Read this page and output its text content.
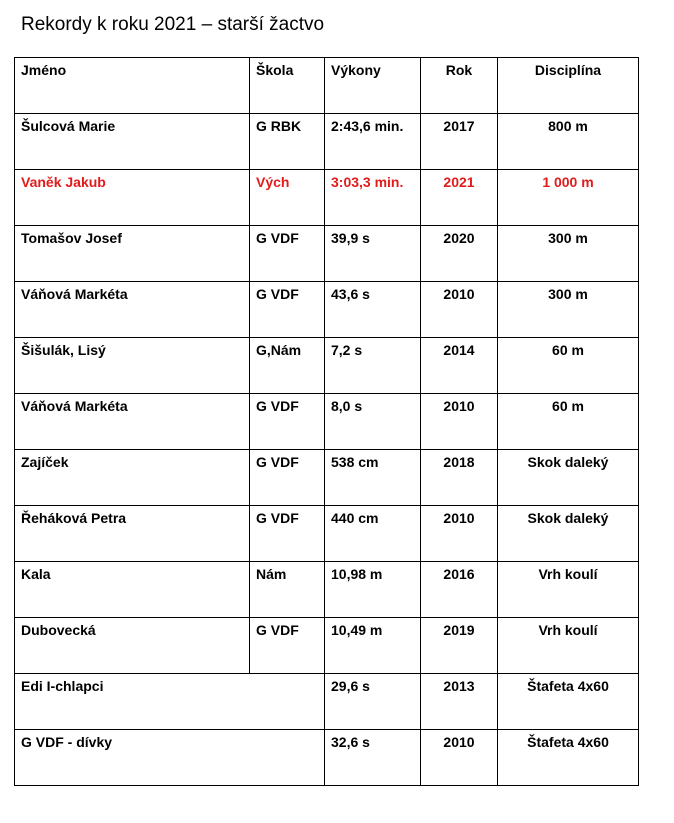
Rekordy k roku 2021 – starší žactvo
Jméno	Škola	Výkony	Rok	Disciplína
Šulcová Marie	G RBK	2:43,6 min.	2017	800 m
Vaněk Jakub	Vých	3:03,3 min.	2021	1 000 m
Tomašov Josef	G VDF	39,9 s	2020	300 m
Váňová Markéta	G VDF	43,6 s	2010	300 m
Šišulák, Lisý	G,Nám	7,2 s	2014	60 m
Váňová Markéta	G VDF	8,0 s	2010	60 m
Zajíček	G VDF	538 cm	2018	Skok daleký
Řeháková Petra	G VDF	440 cm	2010	Skok daleký
Kala	Nám	10,98 m	2016	Vrh koulí
Dubovecká	G VDF	10,49 m	2019	Vrh koulí
Edi I-chlapci		29,6 s	2013	Štafeta 4x60
G VDF - dívky		32,6 s	2010	Štafeta 4x60
